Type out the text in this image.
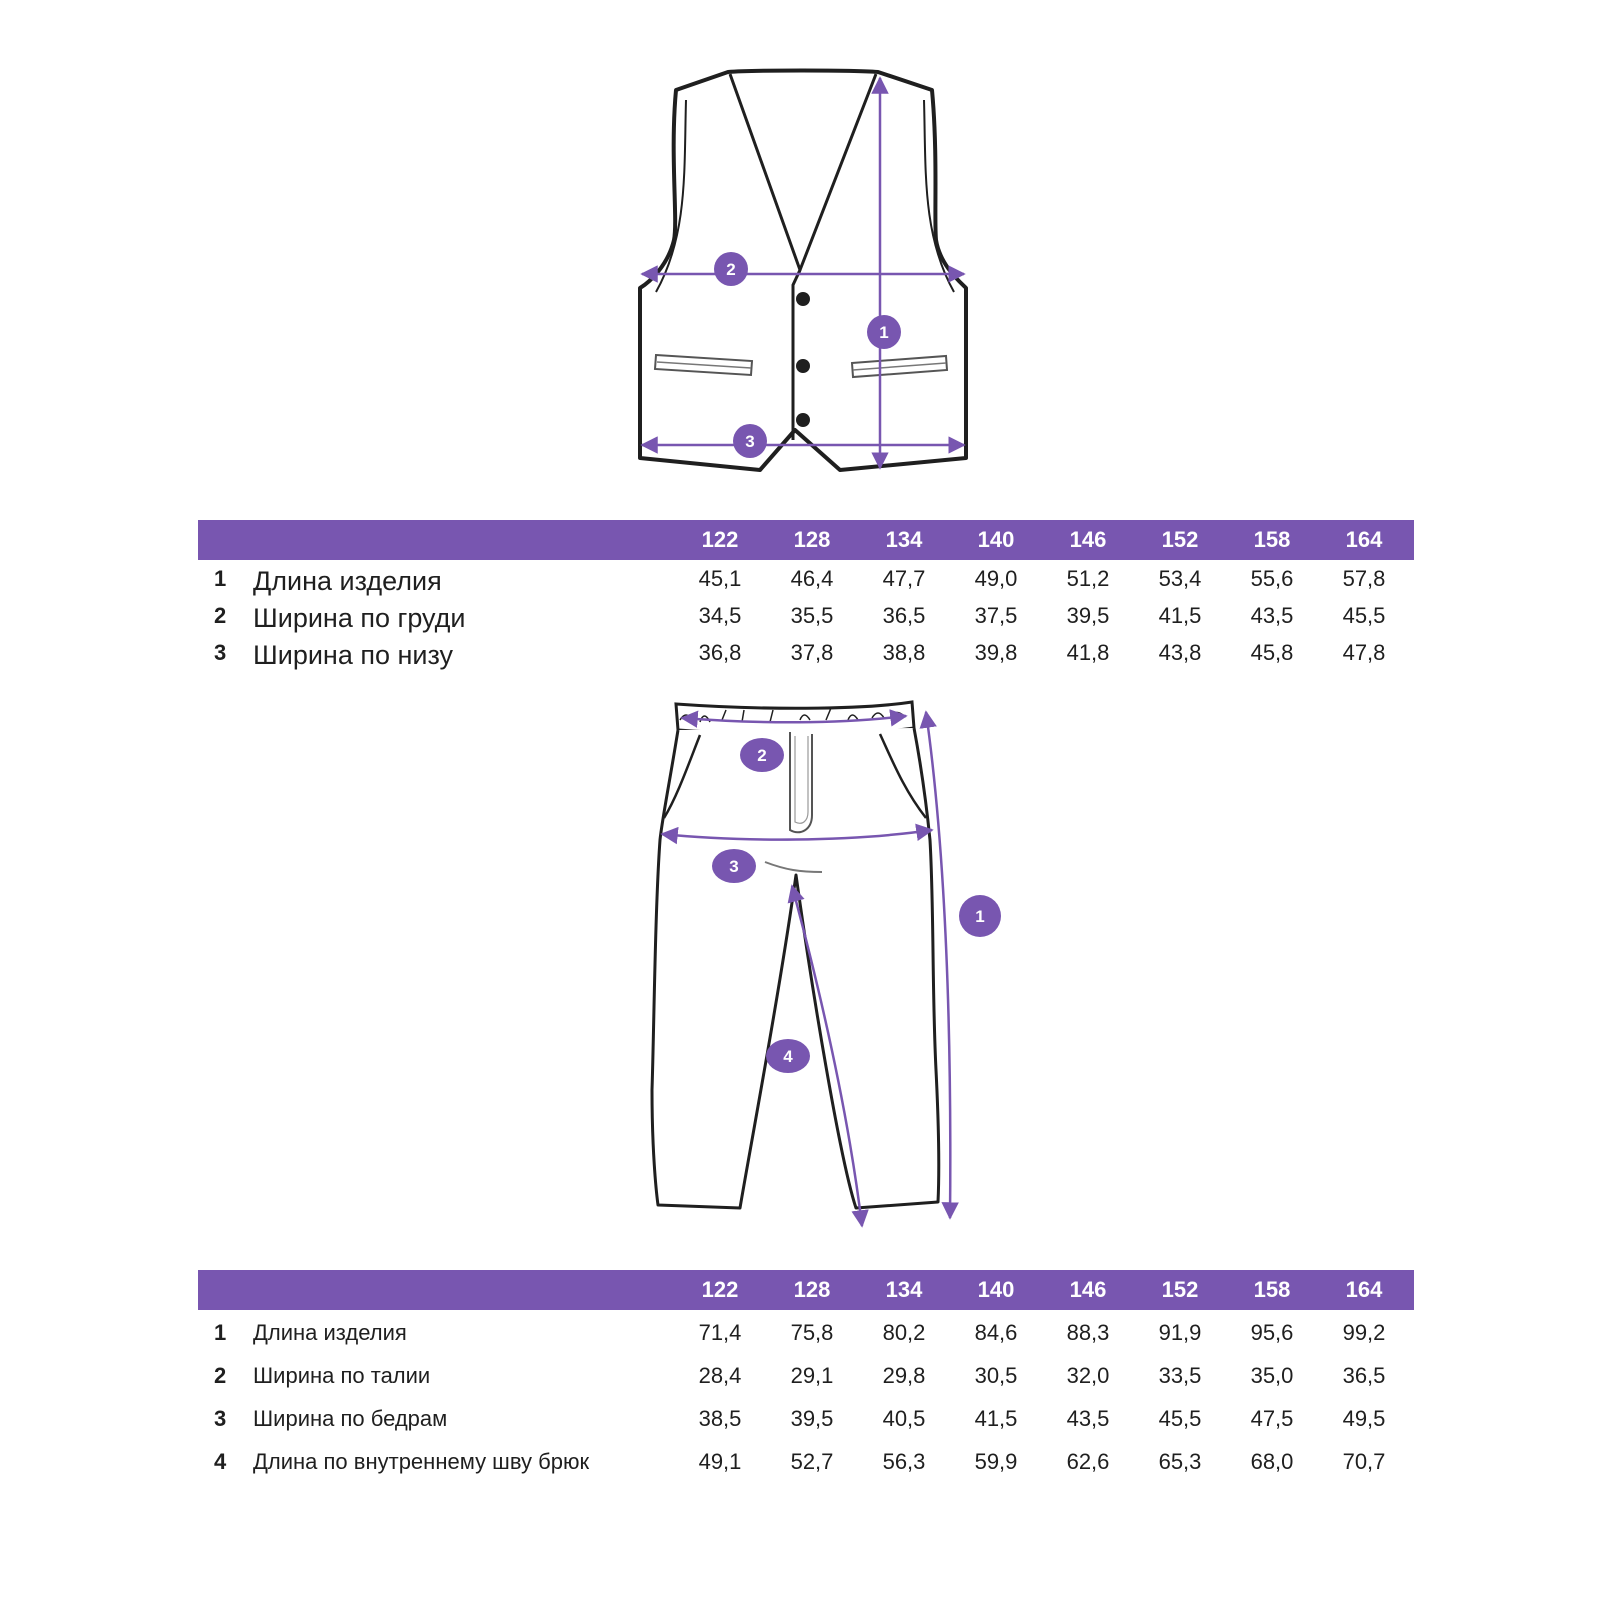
1
2
3
122	128	134	140	146	152	158	164
1 Длина изделия	45,1	46,4	47,7	49,0	51,2	53,4	55,6	57,8
2 Ширина по груди	34,5	35,5	36,5	37,5	39,5	41,5	43,5	45,5
3 Ширина по низу	36,8	37,8	38,8	39,8	41,8	43,8	45,8	47,8
1
2
3
4
122	128	134	140	146	152	158	164
1 Длина изделия	71,4	75,8	80,2	84,6	88,3	91,9	95,6	99,2
2 Ширина по талии	28,4	29,1	29,8	30,5	32,0	33,5	35,0	36,5
3 Ширина по бедрам	38,5	39,5	40,5	41,5	43,5	45,5	47,5	49,5
4 Длина по внутреннему шву брюк	49,1	52,7	56,3	59,9	62,6	65,3	68,0	70,7
